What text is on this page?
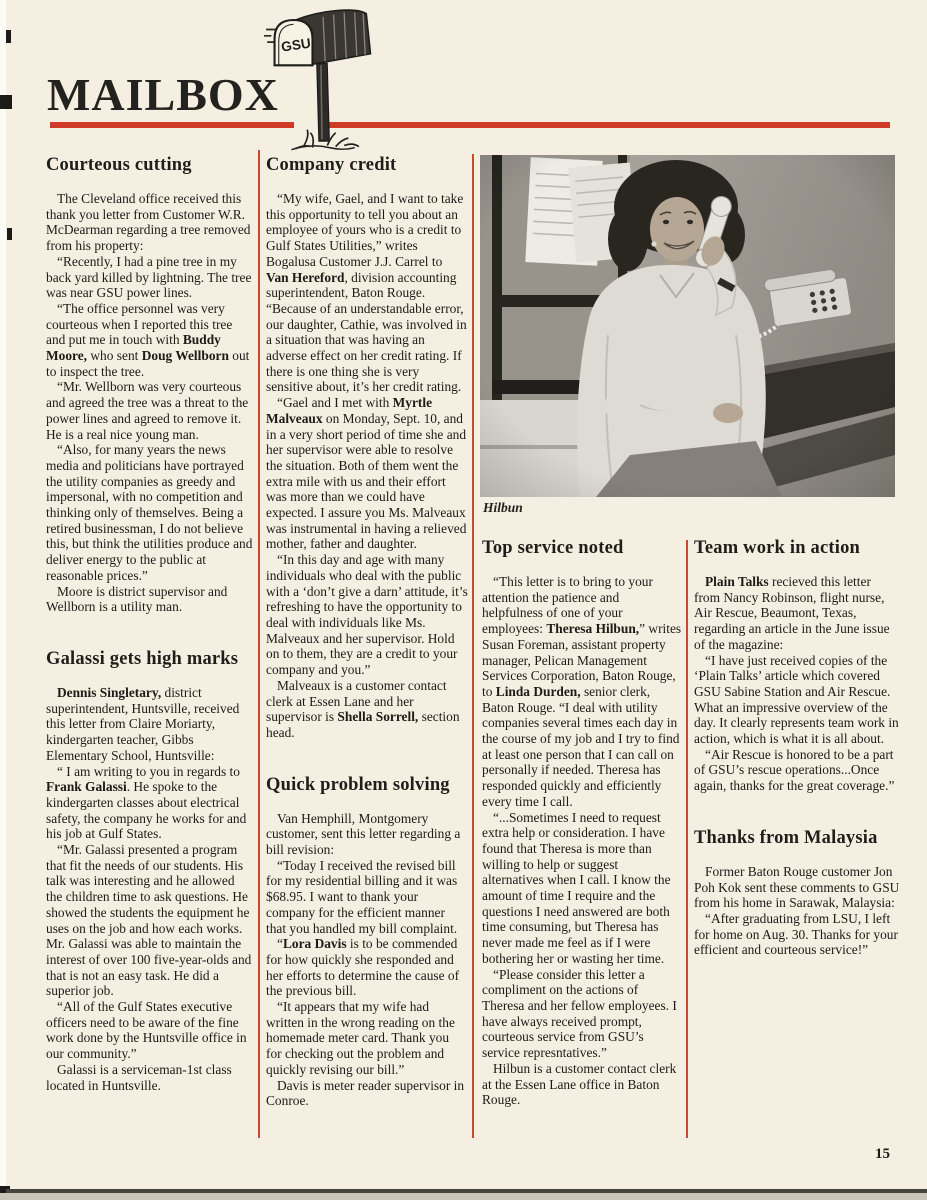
MAILBOX
GSU
Hilbun
Courteous cutting

The Cleveland office received this thank you letter from Customer W.R. McDearman regarding a tree removed from his property:

“Recently, I had a pine tree in my back yard killed by lightning. The tree was near GSU power lines.

“The office personnel was very courteous when I reported this tree and put me in touch with Buddy Moore, who sent Doug Wellborn out to inspect the tree.

“Mr. Wellborn was very courteous and agreed the tree was a threat to the power lines and agreed to remove it. He is a real nice young man.

“Also, for many years the news media and politicians have portrayed the utility companies as greedy and impersonal, with no competition and thinking only of themselves. Being a retired businessman, I do not believe this, but think the utilities produce and deliver energy to the public at reasonable prices.”

Moore is district supervisor and Wellborn is a utility man.

Galassi gets high marks

Dennis Singletary, district superintendent, Huntsville, received this letter from Claire Moriarty, kindergarten teacher, Gibbs Elementary School, Huntsville:

“ I am writing to you in regards to Frank Galassi. He spoke to the kindergarten classes about electrical safety, the company he works for and his job at Gulf States.

“Mr. Galassi presented a program that fit the needs of our students. His talk was interesting and he allowed the children time to ask questions. He showed the students the equipment he uses on the job and how each works. Mr. Galassi was able to maintain the interest of over 100 five-year-olds and that is not an easy task. He did a superior job.

“All of the Gulf States executive officers need to be aware of the fine work done by the Huntsville office in our community.”

Galassi is a serviceman-1st class located in Huntsville.

Company credit

“My wife, Gael, and I want to take this opportunity to tell you about an employee of yours who is a credit to Gulf States Utilities,” writes Bogalusa Customer J.J. Carrel to Van Hereford, division accounting superintendent, Baton Rouge. “Because of an understandable error, our daughter, Cathie, was involved in a situation that was having an adverse effect on her credit rating. If there is one thing she is very sensitive about, it’s her credit rating.

“Gael and I met with Myrtle Malveaux on Monday, Sept. 10, and in a very short period of time she and her supervisor were able to resolve the situation. Both of them went the extra mile with us and their effort was more than we could have expected. I assure you Ms. Malveaux was instrumental in having a relieved mother, father and daughter.

“In this day and age with many individuals who deal with the public with a ‘don’t give a darn’ attitude, it’s refreshing to have the opportunity to deal with individuals like Ms. Malveaux and her supervisor. Hold on to them, they are a credit to your company and you.”

Malveaux is a customer contact clerk at Essen Lane and her supervisor is Shella Sorrell, section head.

Quick problem solving

Van Hemphill, Montgomery customer, sent this letter regarding a bill revision:

“Today I received the revised bill for my residential billing and it was $68.95. I want to thank your company for the efficient manner that you handled my bill complaint.

“Lora Davis is to be commended for how quickly she responded and her efforts to determine the cause of the previous bill.

“It appears that my wife had written in the wrong reading on the homemade meter card. Thank you for checking out the problem and quickly revising our bill.”

Davis is meter reader supervisor in Conroe.

Top service noted

“This letter is to bring to your attention the patience and helpfulness of one of your employees: Theresa Hilbun,” writes Susan Foreman, assistant property manager, Pelican Management Services Corporation, Baton Rouge, to Linda Durden, senior clerk, Baton Rouge. “I deal with utility companies several times each day in the course of my job and I try to find at least one person that I can call on personally if needed. Theresa has responded quickly and efficiently every time I call.

“...Sometimes I need to request extra help or consideration. I have found that Theresa is more than willing to help or suggest alternatives when I call. I know the amount of time I require and the questions I need answered are both time consuming, but Theresa has never made me feel as if I were bothering her or wasting her time.

“Please consider this letter a compliment on the actions of Theresa and her fellow employees. I have always received prompt, courteous service from GSU’s service represntatives.”

Hilbun is a customer contact clerk at the Essen Lane office in Baton Rouge.

Team work in action

Plain Talks recieved this letter from Nancy Robinson, flight nurse, Air Rescue, Beaumont, Texas, regarding an article in the June issue of the magazine:

“I have just received copies of the ‘Plain Talks’ article which covered GSU Sabine Station and Air Rescue. What an impressive overview of the day. It clearly represents team work in action, which is what it is all about.

“Air Rescue is honored to be a part of GSU’s rescue operations...Once again, thanks for the great coverage.”

Thanks from Malaysia

Former Baton Rouge customer Jon Poh Kok sent these comments to GSU from his home in Sarawak, Malaysia:

“After graduating from LSU, I left for home on Aug. 30. Thanks for your efficient and courteous service!”

15
